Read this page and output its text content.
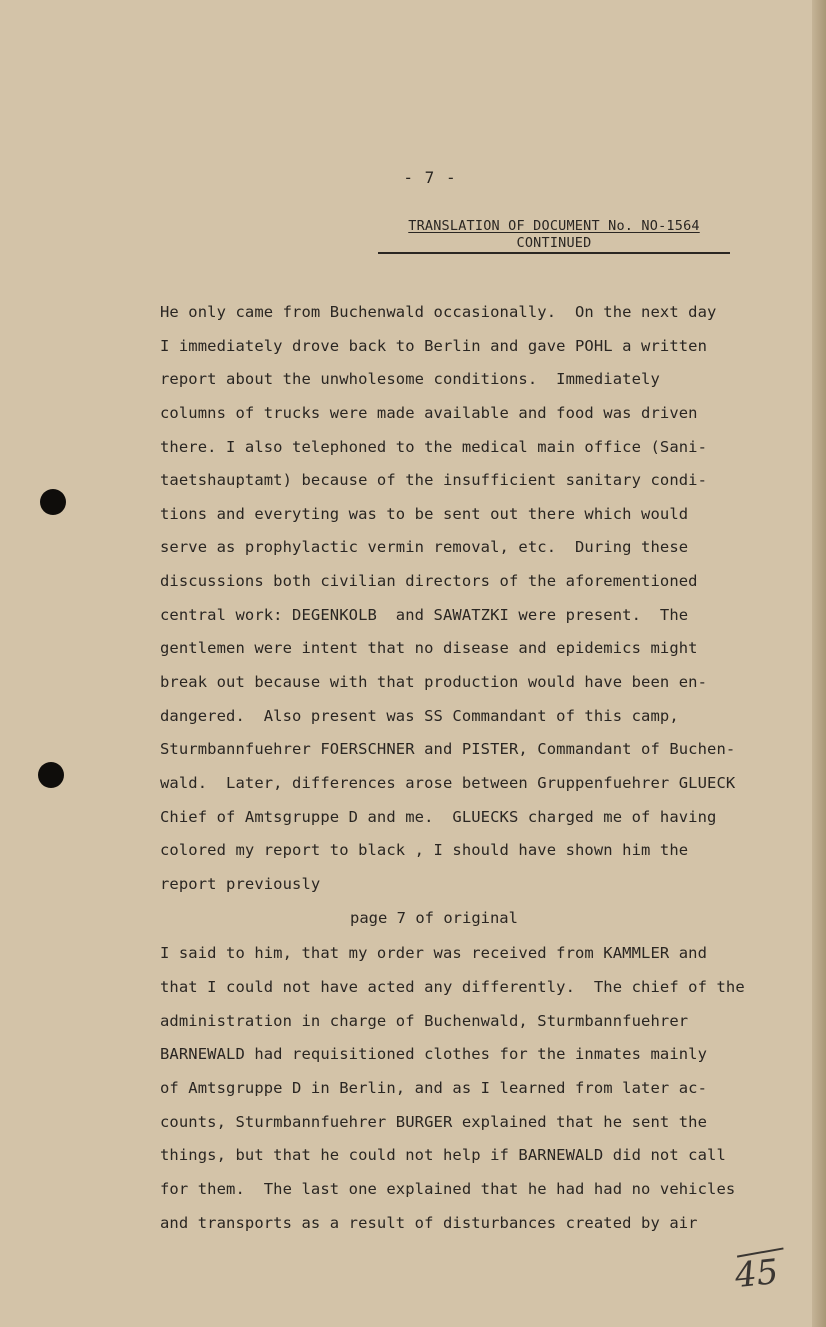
- 7 -
TRANSLATION OF DOCUMENT No. NO-1564
CONTINUED
He only came from Buchenwald occasionally.  On the next day
I immediately drove back to Berlin and gave POHL a written
report about the unwholesome conditions.  Immediately
columns of trucks were made available and food was driven
there. I also telephoned to the medical main office (Sani-
taetshauptamt) because of the insufficient sanitary condi-
tions and everyting was to be sent out there which would
serve as prophylactic vermin removal, etc.  During these
discussions both civilian directors of the aforementioned
central work: DEGENKOLB  and SAWATZKI were present.  The
gentlemen were intent that no disease and epidemics might
break out because with that production would have been en-
dangered.  Also present was SS Commandant of this camp,
Sturmbannfuehrer FOERSCHNER and PISTER, Commandant of Buchen-
wald.  Later, differences arose between Gruppenfuehrer GLUECK
Chief of Amtsgruppe D and me.  GLUECKS charged me of having
colored my report to black , I should have shown him the
report previously
page 7 of original
I said to him, that my order was received from KAMMLER and
that I could not have acted any differently.  The chief of the
administration in charge of Buchenwald, Sturmbannfuehrer
BARNEWALD had requisitioned clothes for the inmates mainly
of Amtsgruppe D in Berlin, and as I learned from later ac-
counts, Sturmbannfuehrer BURGER explained that he sent the
things, but that he could not help if BARNEWALD did not call
for them.  The last one explained that he had had no vehicles
and transports as a result of disturbances created by air
45
